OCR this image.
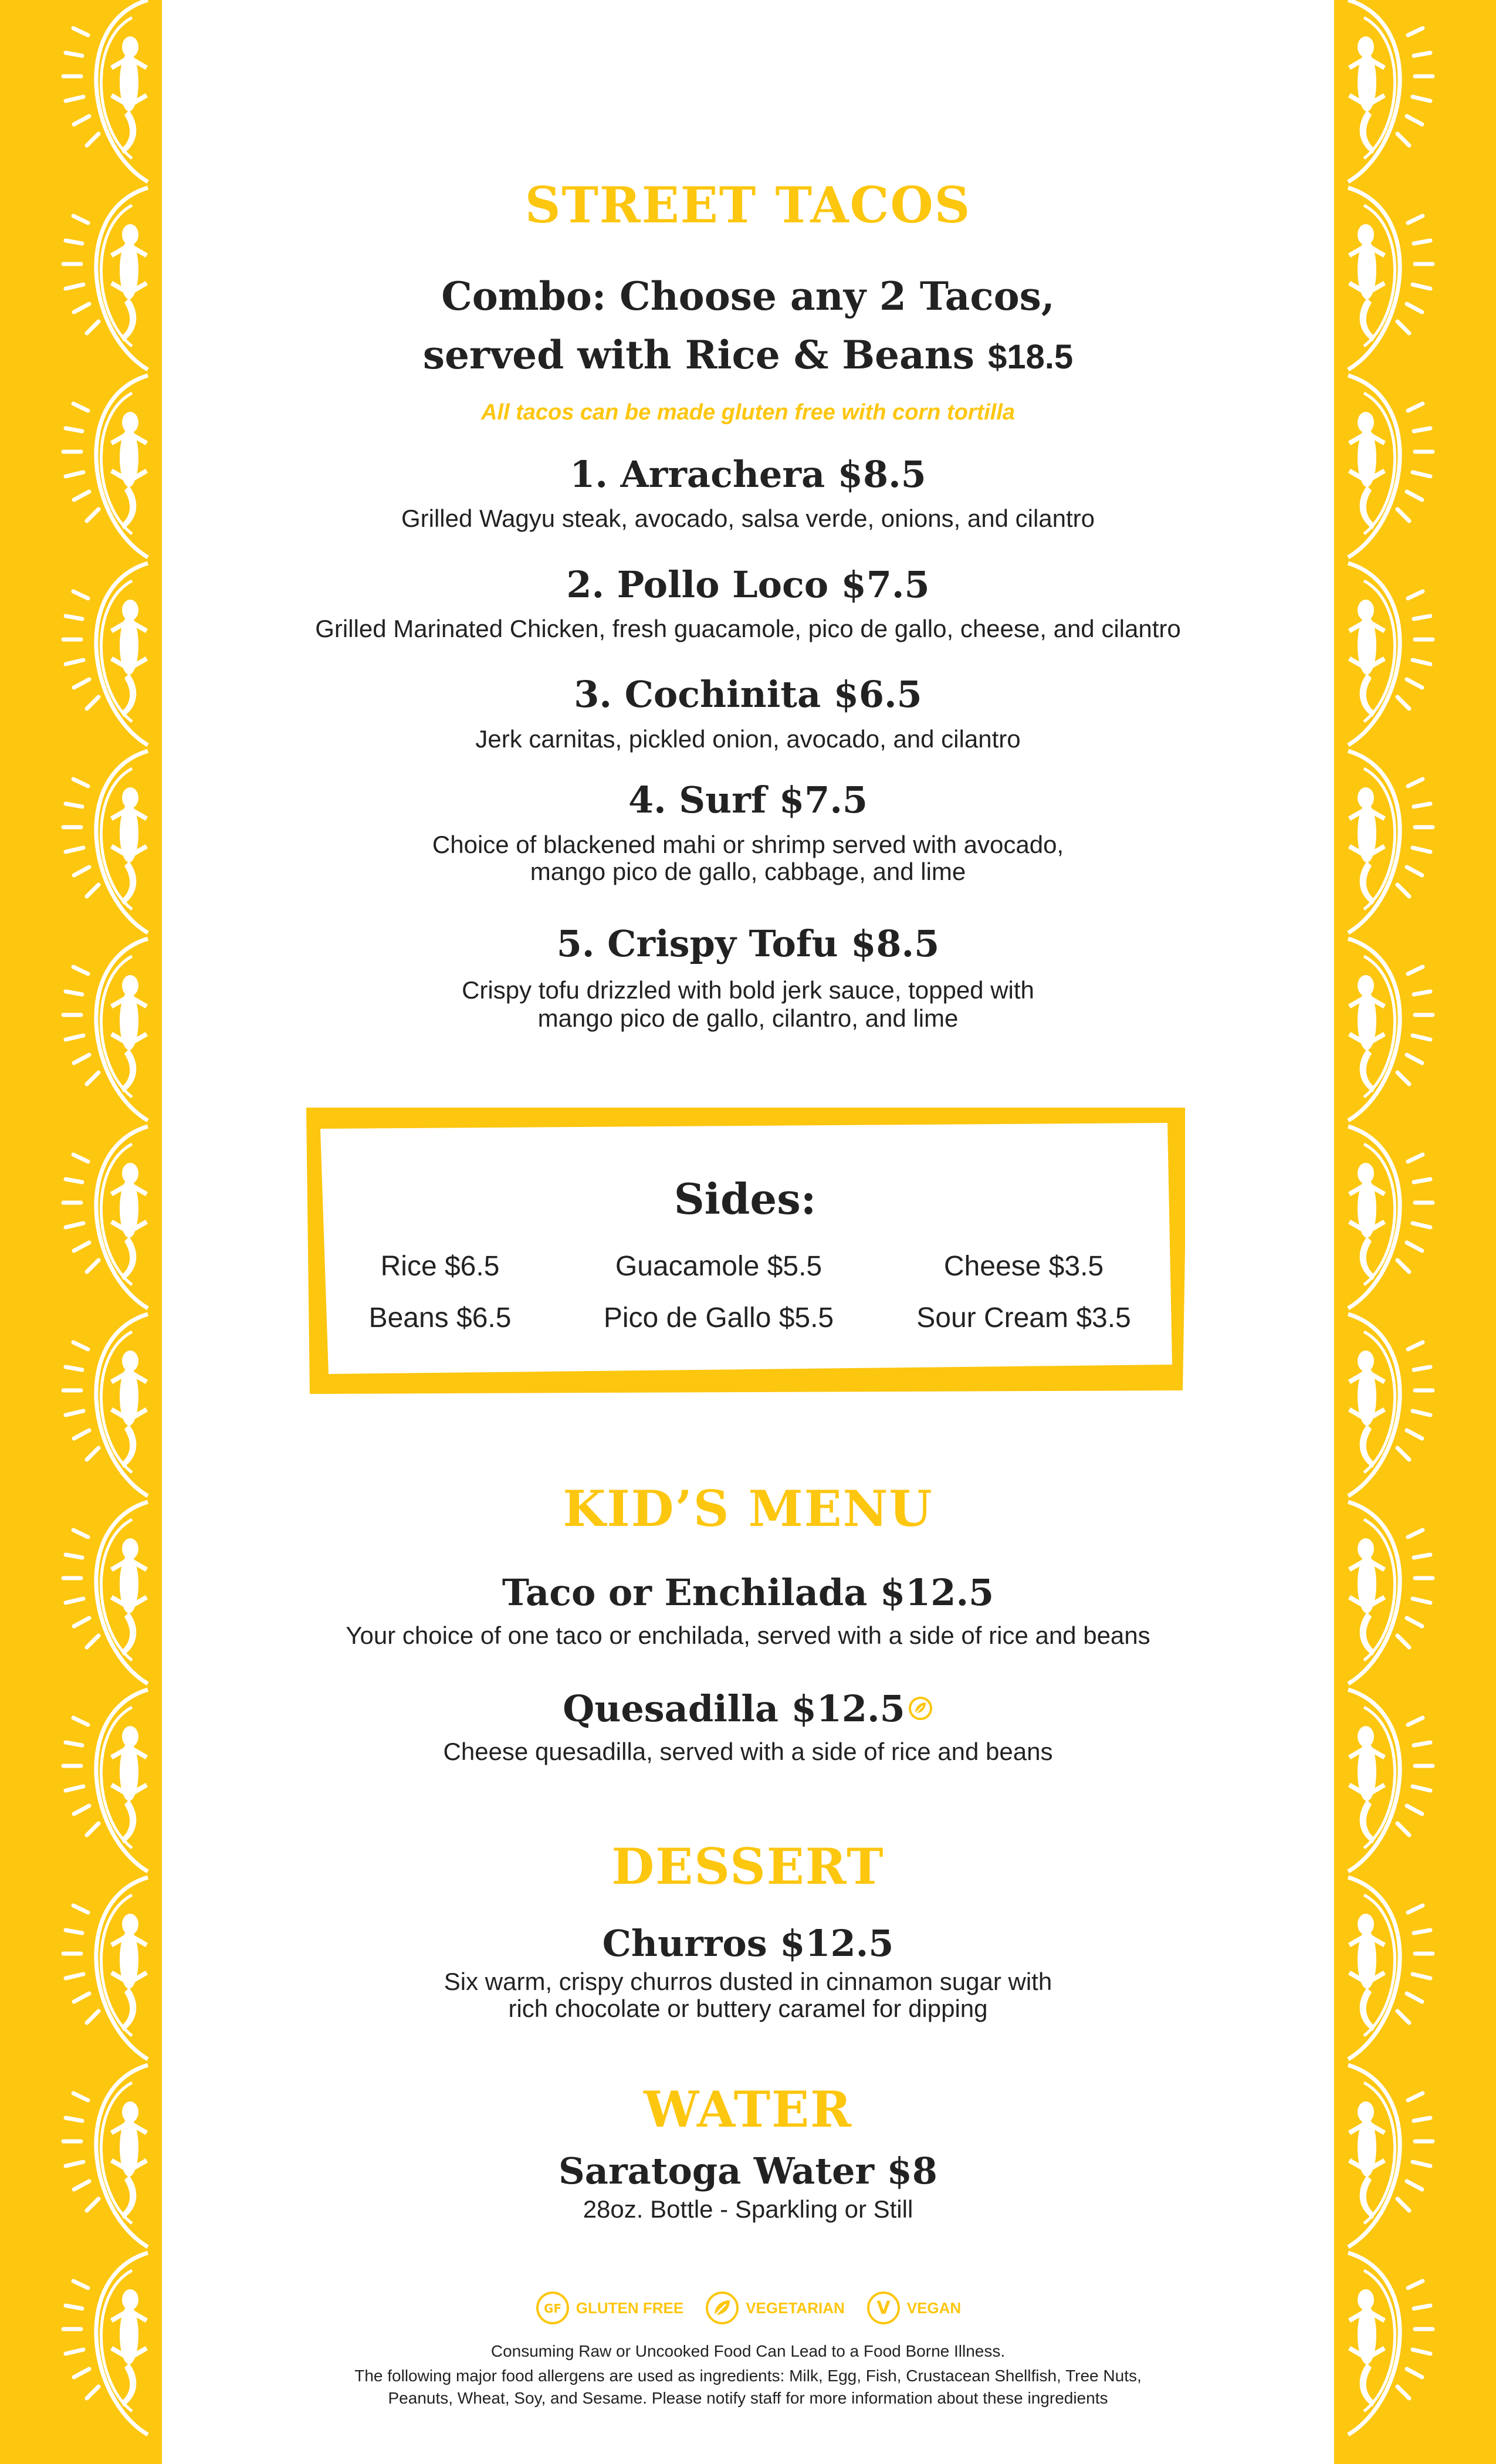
STREET TACOS

Combo: Choose any 2 Tacos,

served with Rice & Beans $18.5

All tacos can be made gluten free with corn tortilla

1. Arrachera $8.5

Grilled Wagyu steak, avocado, salsa verde, onions, and cilantro

2. Pollo Loco $7.5

Grilled Marinated Chicken, fresh guacamole, pico de gallo, cheese, and cilantro

3. Cochinita $6.5

Jerk carnitas, pickled onion, avocado, and cilantro

4. Surf $7.5

Choice of blackened mahi or shrimp served with avocado,

mango pico de gallo, cabbage, and lime

5. Crispy Tofu $8.5

Crispy tofu drizzled with bold jerk sauce, topped with

mango pico de gallo, cilantro, and lime

KID’S MENU

Taco or Enchilada $12.5

Your choice of one taco or enchilada, served with a side of rice and beans

Quesadilla $12.5

Cheese quesadilla, served with a side of rice and beans

DESSERT

Churros $12.5

Six warm, crispy churros dusted in cinnamon sugar with

rich chocolate or buttery caramel for dipping

WATER

Saratoga Water $8

28oz. Bottle - Sparkling or Still

GF GLUTEN FREE	VEGETARIAN V VEGAN

Consuming Raw or Uncooked Food Can Lead to a Food Borne Illness.

The following major food allergens are used as ingredients: Milk, Egg, Fish, Crustacean Shellfish, Tree Nuts,

Peanuts, Wheat, Soy, and Sesame. Please notify staff for more information about these ingredients

Sides:

Rice $6.5	Guacamole $5.5	Cheese $3.5
Beans $6.5	Pico de Gallo $5.5	Sour Cream $3.5
